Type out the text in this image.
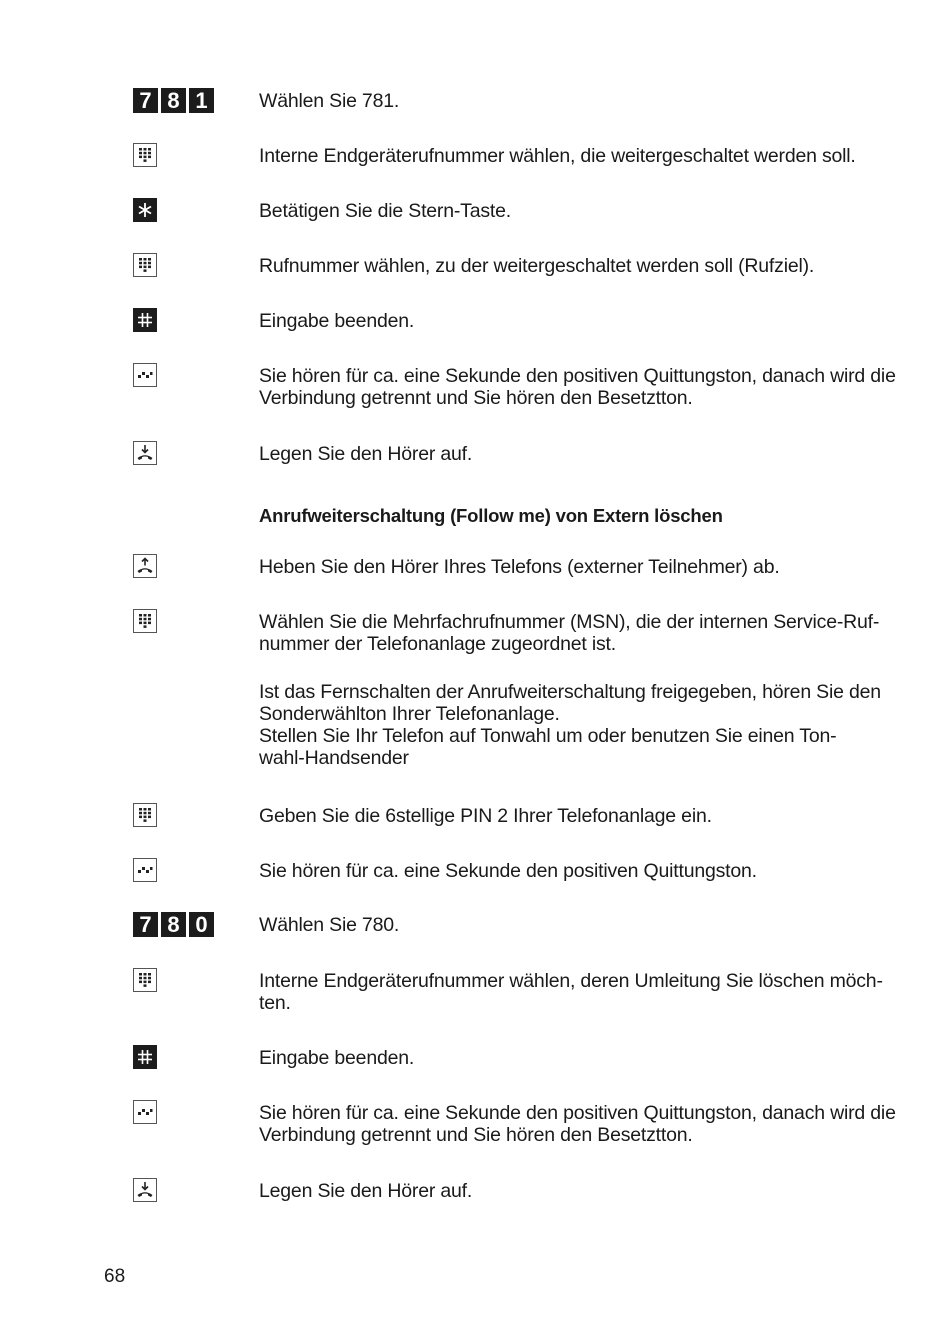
7 8 1	Wählen Sie 781.

Interne Endgeräterufnummer wählen, die weitergeschaltet werden soll.

Betätigen Sie die Stern-Taste.

Rufnummer wählen, zu der weitergeschaltet werden soll (Rufziel).

Eingabe beenden.

Sie hören für ca. eine Sekunde den positiven Quittungston, danach wird die

Verbindung getrennt und Sie hören den Besetztton.

Legen Sie den Hörer auf.

Anrufweiterschaltung (Follow me) von Extern löschen

Heben Sie den Hörer Ihres Telefons (externer Teilnehmer) ab.

Wählen Sie die Mehrfachrufnummer (MSN), die der internen Service-Ruf-

nummer der Telefonanlage zugeordnet ist.

Ist das Fernschalten der Anrufweiterschaltung freigegeben, hören Sie den

Sonderwählton Ihrer Telefonanlage.

Stellen Sie Ihr Telefon auf Tonwahl um oder benutzen Sie einen Ton-

wahl-Handsender

Geben Sie die 6stellige PIN 2 Ihrer Telefonanlage ein.

Sie hören für ca. eine Sekunde den positiven Quittungston.

7 8 0	Wählen Sie 780.

Interne Endgeräterufnummer wählen, deren Umleitung Sie löschen möch-

ten.

Eingabe beenden.

Sie hören für ca. eine Sekunde den positiven Quittungston, danach wird die

Verbindung getrennt und Sie hören den Besetztton.

Legen Sie den Hörer auf.

68
